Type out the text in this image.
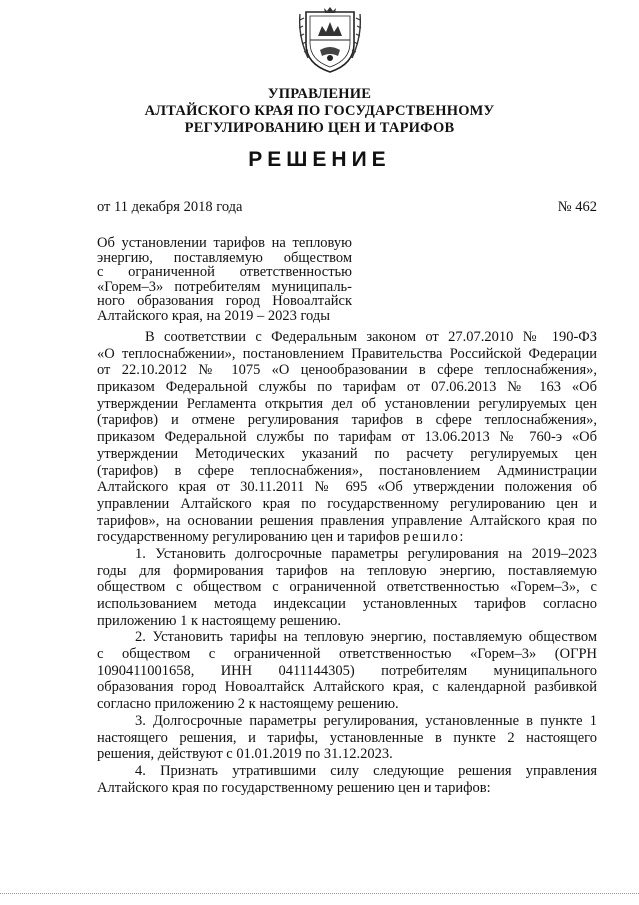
УПРАВЛЕНИЕ
АЛТАЙСКОГО КРАЯ ПО ГОСУДАРСТВЕННОМУ
РЕГУЛИРОВАНИЮ ЦЕН И ТАРИФОВ
РЕШЕНИЕ
от 11 декабря 2018 года	№ 462
Об установлении тарифов на тепловую
энергию, поставляемую обществом
с ограниченной ответственностью
«Горем–3» потребителям муниципаль-
ного образования город Новоалтайск
Алтайского края, на 2019 – 2023 годы
В соответствии с Федеральным законом от 27.07.2010 № 190-ФЗ
«О теплоснабжении», постановлением Правительства Российской Федерации
от 22.10.2012 № 1075 «О ценообразовании в сфере теплоснабжения»,
приказом Федеральной службы по тарифам от 07.06.2013 № 163 «Об
утверждении Регламента открытия дел об установлении регулируемых цен
(тарифов) и отмене регулирования тарифов в сфере теплоснабжения»,
приказом Федеральной службы по тарифам от 13.06.2013 № 760-э «Об
утверждении Методических указаний по расчету регулируемых цен
(тарифов) в сфере теплоснабжения», постановлением Администрации
Алтайского края от 30.11.2011 № 695 «Об утверждении положения об
управлении Алтайского края по государственному регулированию цен и
тарифов», на основании решения правления управление Алтайского края по
государственному регулированию цен и тарифов решило:
1. Установить долгосрочные параметры регулирования на 2019–2023
годы для формирования тарифов на тепловую энергию, поставляемую
обществом с обществом с ограниченной ответственностью «Горем–3», с
использованием метода индексации установленных тарифов согласно
приложению 1 к настоящему решению.
2. Установить тарифы на тепловую энергию, поставляемую обществом
с обществом с ограниченной ответственностью «Горем–3» (ОГРН
1090411001658, ИНН 0411144305) потребителям муниципального
образования город Новоалтайск Алтайского края, с календарной разбивкой
согласно приложению 2 к настоящему решению.
3. Долгосрочные параметры регулирования, установленные в пункте 1
настоящего решения, и тарифы, установленные в пункте 2 настоящего
решения, действуют с 01.01.2019 по 31.12.2023.
4. Признать утратившими силу следующие решения управления
Алтайского края по государственному решению цен и тарифов:
